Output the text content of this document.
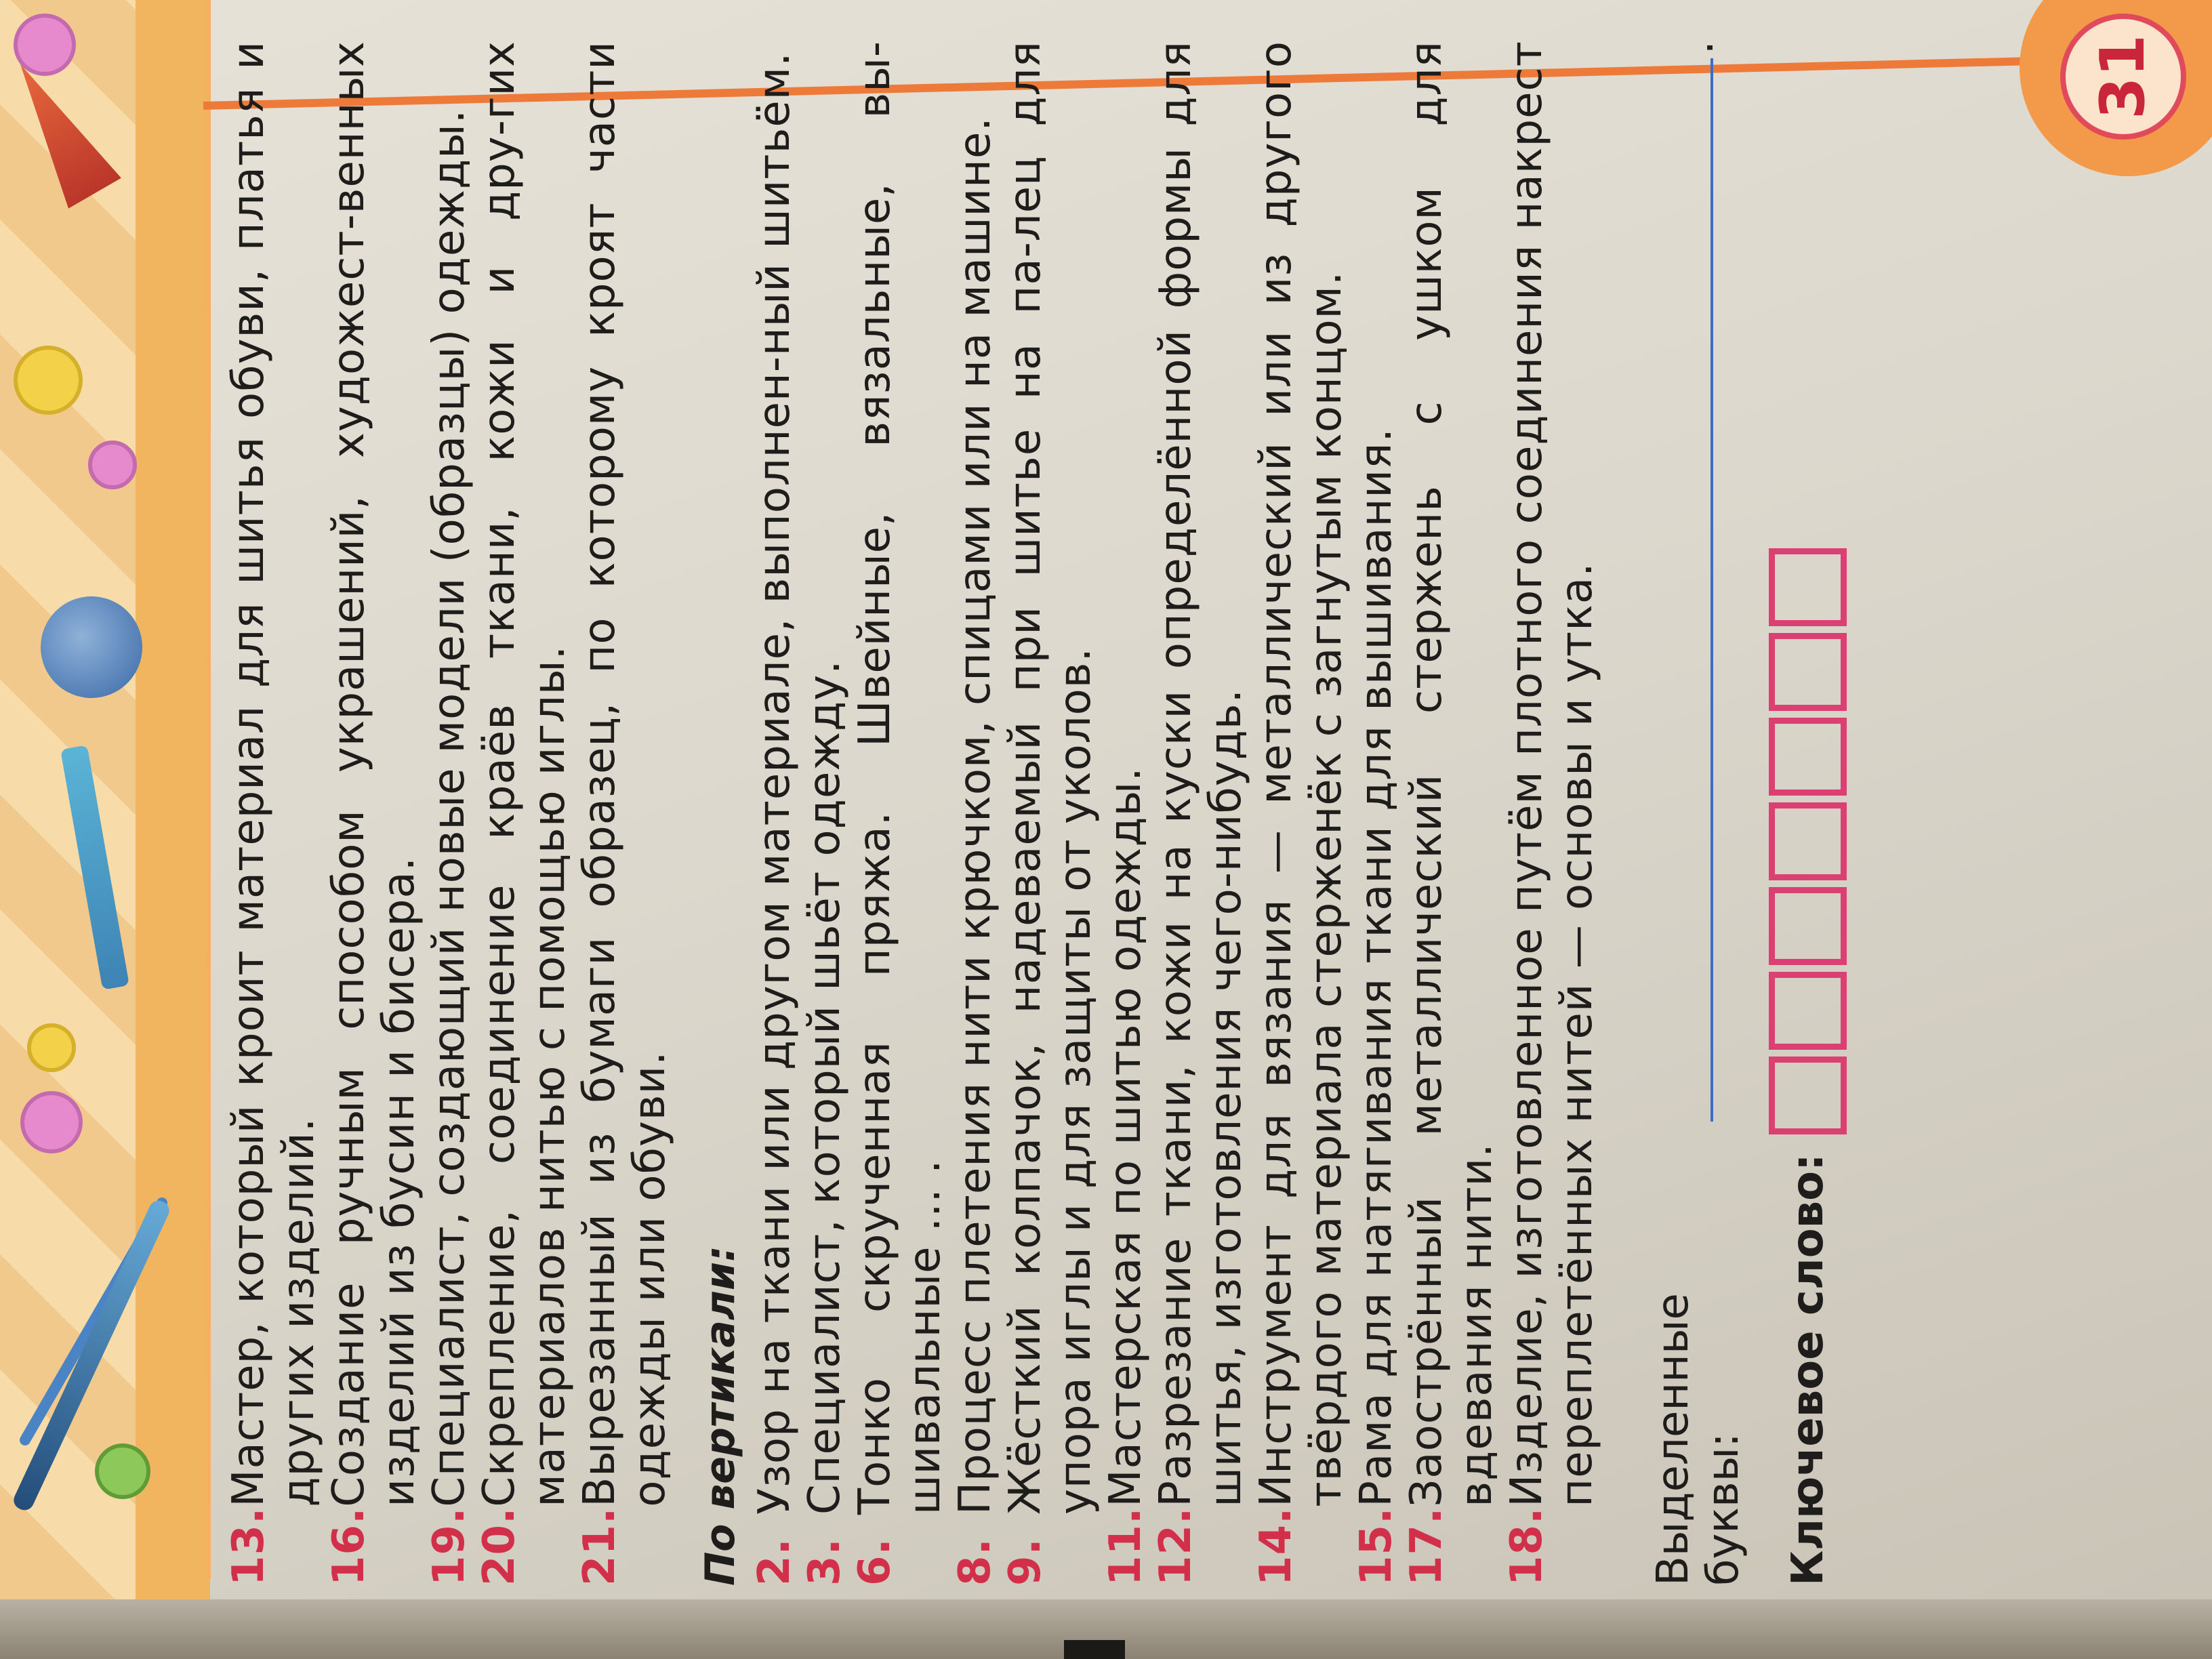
31
13.
Мастер, который кроит материал для шитья обуви, платья и других изделий.
16.
Создание ручным способом украшений, художест-венных изделий из бусин и бисера.
19.
Специалист, создающий новые модели (образцы) одежды.
20.
Скрепление, соединение краёв ткани, кожи и дру-гих материалов нитью с помощью иглы.
21.
Вырезанный из бумаги образец, по которому кроят части одежды или обуви. По вертикали: 2.
Узор на ткани или другом материале, выполнен-ный шитьём.
3.
Специалист, который шьёт одежду.
6.
Тонко скрученная пряжа. Швейные, вязальные, вы-шивальные ... .
8.
Процесс плетения нити крючком, спицами или на машине.
9.
Жёсткий колпачок, надеваемый при шитье на па-лец для упора иглы и для защиты от уколов.
11.
Мастерская по шитью одежды.
12.
Разрезание ткани, кожи на куски определённой формы для шитья, изготовления чего-нибудь.
14.
Инструмент для вязания — металлический или из другого твёрдого материала стерженёк с загнутым концом.
15.
Рама для натягивания ткани для вышивания.
17.
Заострённый металлический стержень с ушком для вдевания нити.
18.
Изделие, изготовленное путём плотного соединения накрест переплетённых нитей — основы и утка. Выделенные буквы:
.
Ключевое слово:
